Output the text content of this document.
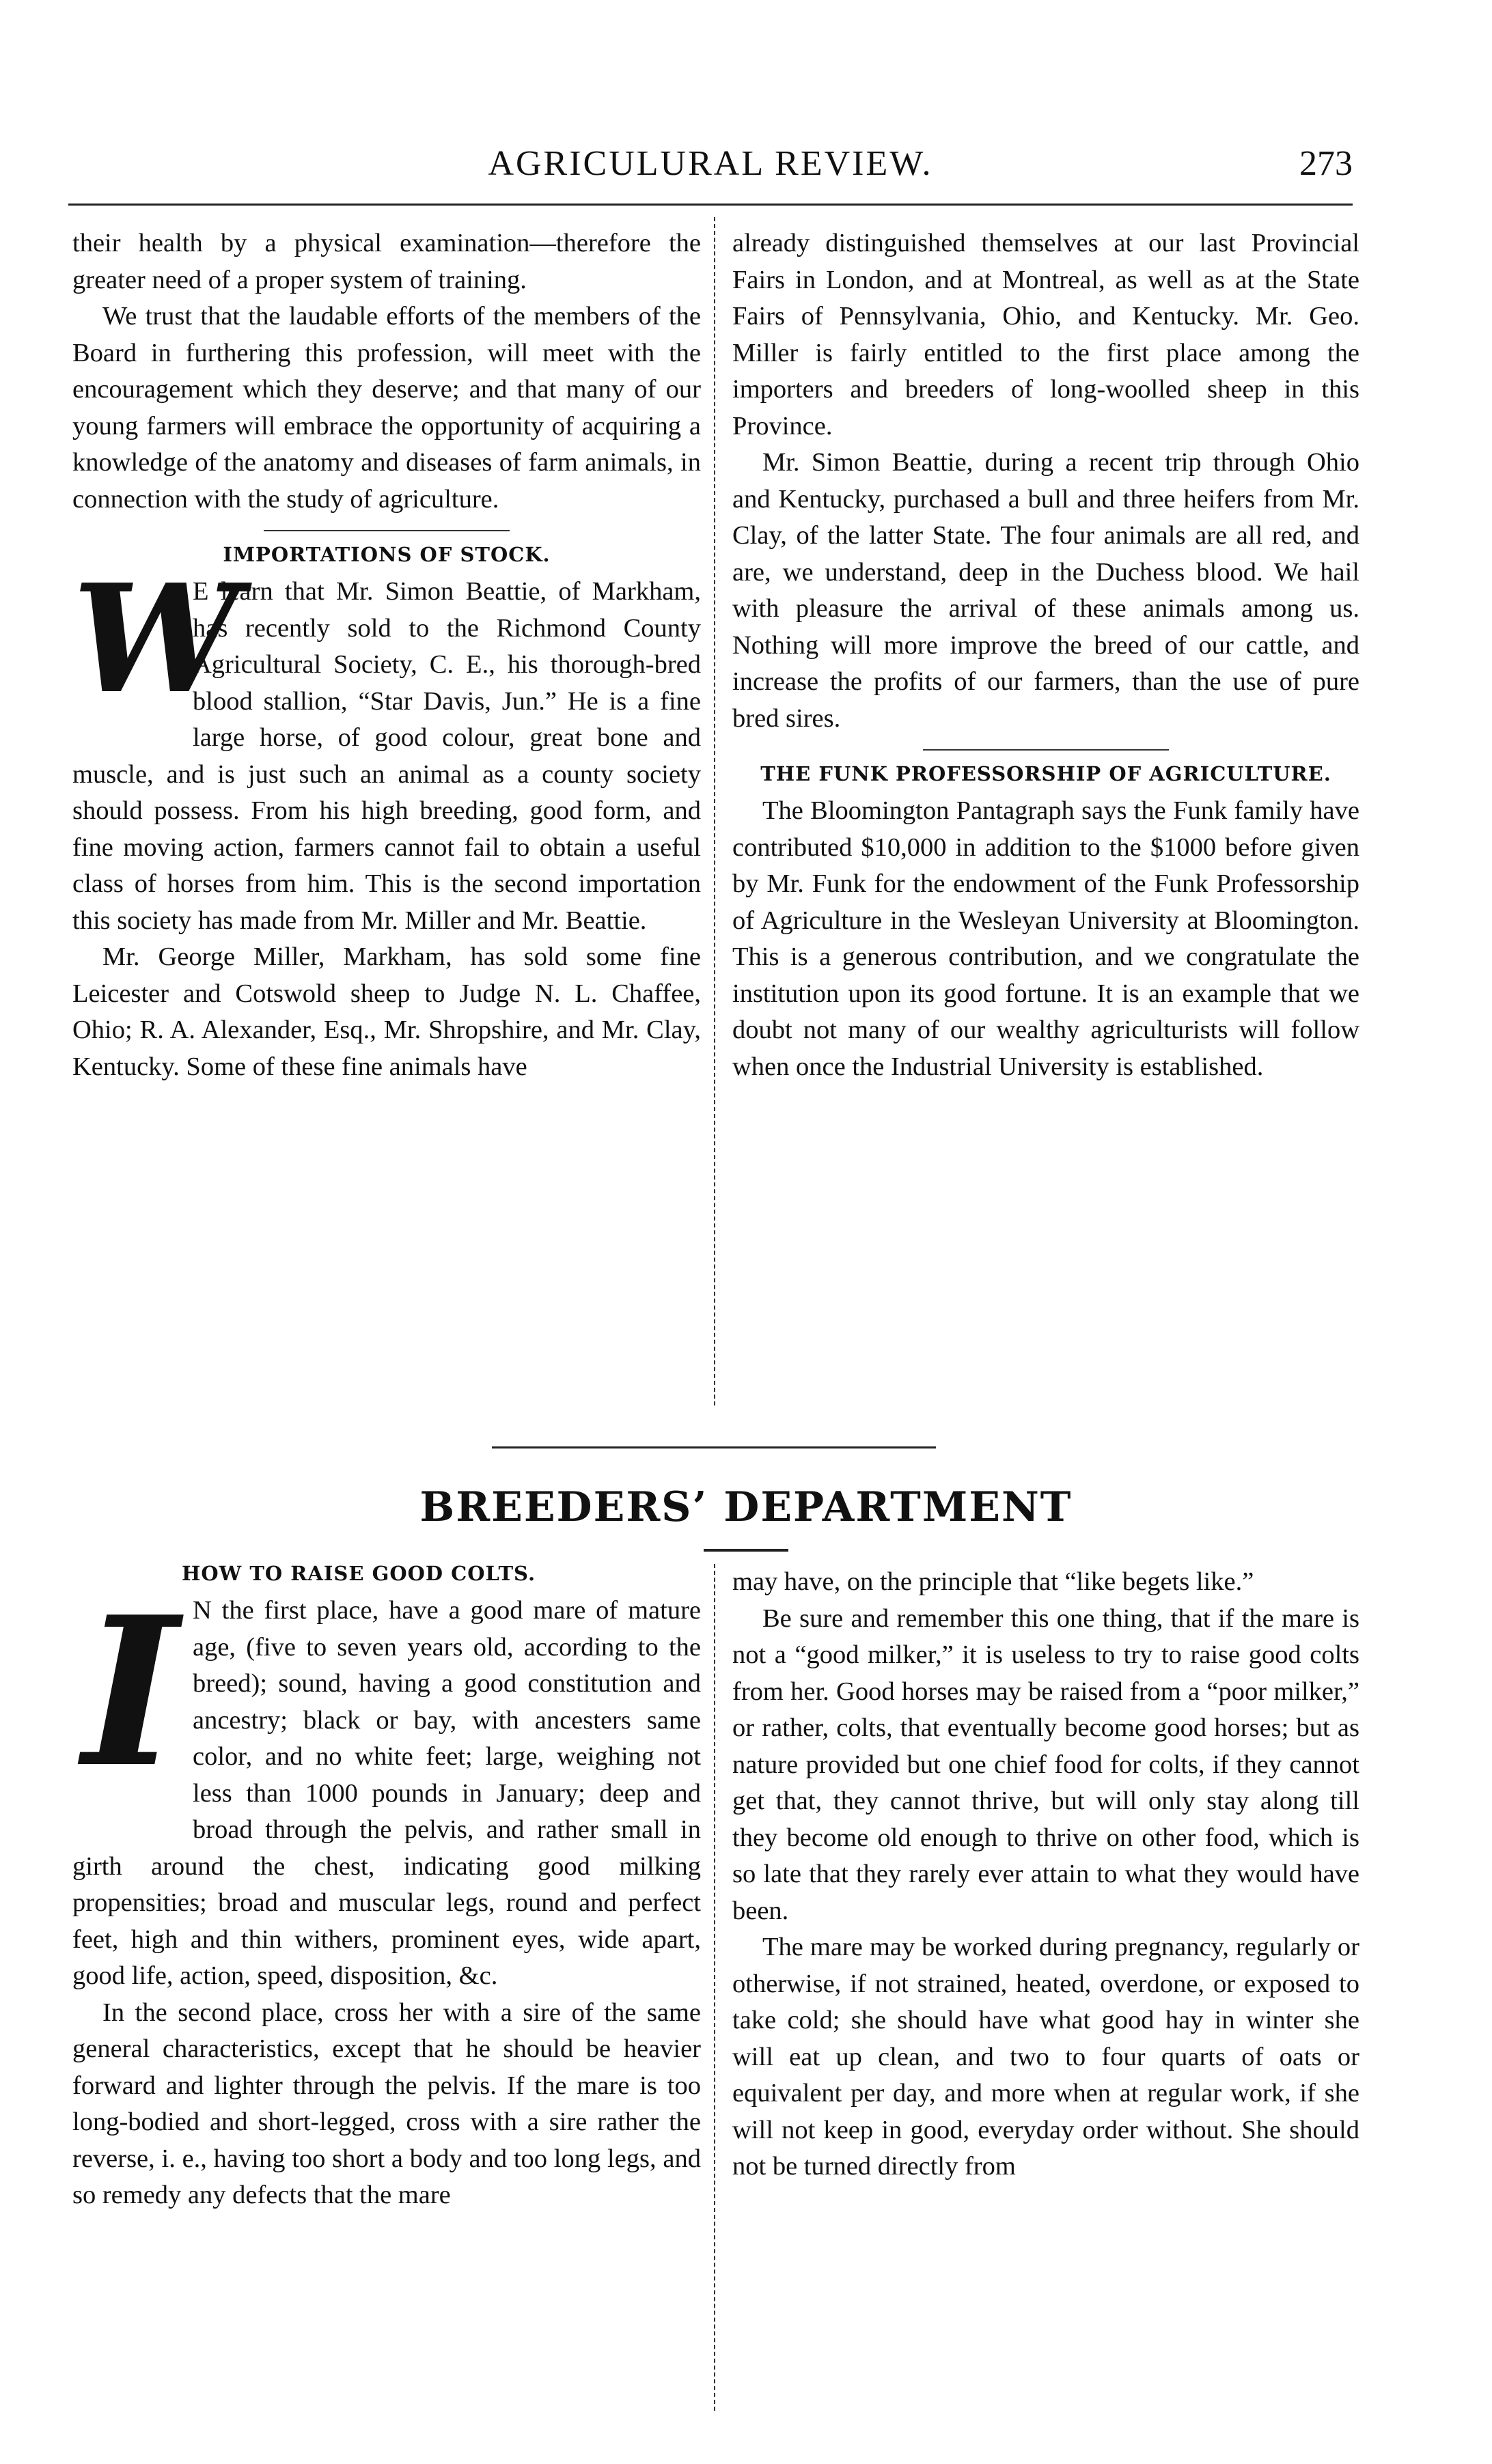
AGRICULURAL REVIEW.	273

their health by a physical examination—therefore the greater need of a proper system of training.

We trust that the laudable efforts of the members of the Board in furthering this profession, will meet with the encouragement which they deserve; and that many of our young farmers will embrace the opportunity of acquiring a knowledge of the anatomy and diseases of farm animals, in connection with the study of agriculture.

IMPORTATIONS OF STOCK.
W

E learn that Mr. Simon Beattie, of Markham, has recently sold to the Richmond County Agricultural Society, C. E., his thorough-bred blood stallion, “Star Davis, Jun.” He is a fine large horse, of good colour, great bone and muscle, and is just such an animal as a county society should possess. From his high breeding, good form, and fine moving action, farmers cannot fail to obtain a useful class of horses from him. This is the second importation this society has made from Mr. Miller and Mr. Beattie.

Mr. George Miller, Markham, has sold some fine Leicester and Cotswold sheep to Judge N. L. Chaffee, Ohio; R. A. Alexander, Esq., Mr. Shropshire, and Mr. Clay, Kentucky. Some of these fine animals have

already distinguished themselves at our last Provincial Fairs in London, and at Montreal, as well as at the State Fairs of Pennsylvania, Ohio, and Kentucky. Mr. Geo. Miller is fairly entitled to the first place among the importers and breeders of long-woolled sheep in this Province.

Mr. Simon Beattie, during a recent trip through Ohio and Kentucky, purchased a bull and three heifers from Mr. Clay, of the latter State. The four animals are all red, and are, we understand, deep in the Duchess blood. We hail with pleasure the arrival of these animals among us. Nothing will more improve the breed of our cattle, and increase the profits of our farmers, than the use of pure bred sires.

THE FUNK PROFESSORSHIP OF AGRICULTURE.

The Bloomington Pantagraph says the Funk family have contributed $10,000 in addition to the $1000 before given by Mr. Funk for the endowment of the Funk Professorship of Agriculture in the Wesleyan University at Bloomington. This is a generous contribution, and we congratulate the institution upon its good fortune. It is an example that we doubt not many of our wealthy agriculturists will follow when once the Industrial University is established.

BREEDERS’ DEPARTMENT
HOW TO RAISE GOOD COLTS.
I N the first place, have a good mare of mature age, (five to seven years old, according to the breed); sound, having a good constitution and ancestry; black or bay, with ancesters same color, and no white feet; large, weighing not less than 1000 pounds in January; deep and broad through the pelvis, and rather small in girth around the chest, indicating good milking propensities; broad and muscular legs, round and perfect feet, high and thin withers, prominent eyes, wide apart, good life, action, speed, disposition, &c.

In the second place, cross her with a sire of the same general characteristics, except that he should be heavier forward and lighter through the pelvis. If the mare is too long-bodied and short-legged, cross with a sire rather the reverse, i. e., having too short a body and too long legs, and so remedy any defects that the mare

may have, on the principle that “like begets like.”

Be sure and remember this one thing, that if the mare is not a “good milker,” it is useless to try to raise good colts from her. Good horses may be raised from a “poor milker,” or rather, colts, that eventually become good horses; but as nature provided but one chief food for colts, if they cannot get that, they cannot thrive, but will only stay along till they become old enough to thrive on other food, which is so late that they rarely ever attain to what they would have been.

The mare may be worked during pregnancy, regularly or otherwise, if not strained, heated, overdone, or exposed to take cold; she should have what good hay in winter she will eat up clean, and two to four quarts of oats or equivalent per day, and more when at regular work, if she will not keep in good, everyday order without. She should not be turned directly from
